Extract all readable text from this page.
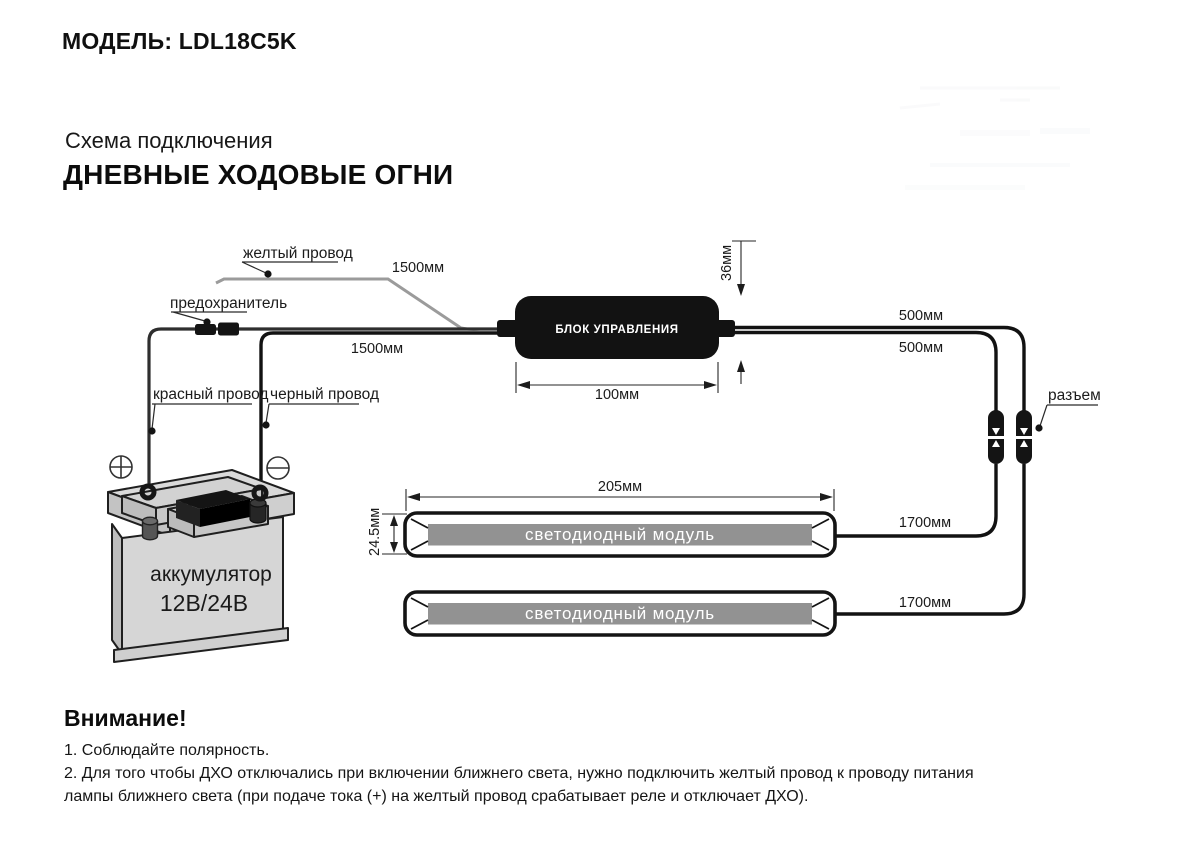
МОДЕЛЬ: LDL18C5K
Схема подключения
ДНЕВНЫЕ ХОДОВЫЕ ОГНИ
желтый провод
1500мм
1500мм
предохранитель
красный провод черный провод
БЛОК УПРАВЛЕНИЯ
36мм
100мм
500мм
500мм
разъем
1700мм
1700мм
светодиодный модуль
205мм
24.5мм
светодиодный модуль
аккумулятор
12В/24В
Внимание!
1. Соблюдайте полярность.
2. Для того чтобы ДХО отключались при включении ближнего света, нужно подключить желтый провод к проводу питания
лампы ближнего света (при подаче тока (+) на желтый провод срабатывает реле и отключает ДХО).
